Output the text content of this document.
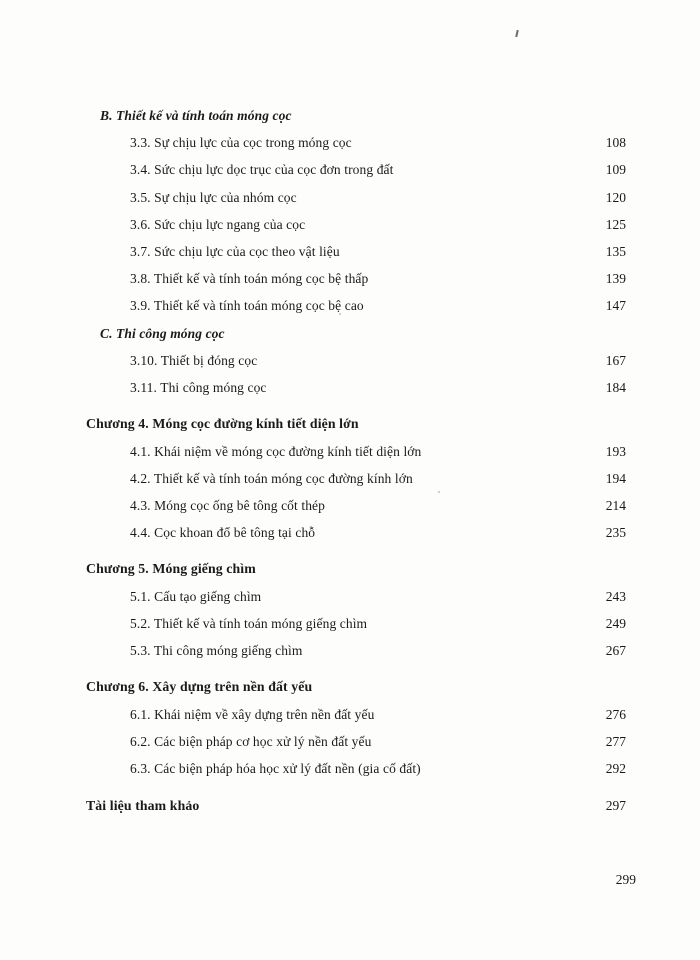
B. Thiết kế và tính toán móng cọc
3.3. Sự chịu lực của cọc trong móng cọc	108
3.4. Sức chịu lực dọc trục của cọc đơn trong đất	109
3.5. Sự chịu lực của nhóm cọc	120
3.6. Sức chịu lực ngang của cọc	125
3.7. Sức chịu lực của cọc theo vật liệu	135
3.8. Thiết kế và tính toán móng cọc bệ thấp	139
3.9. Thiết kế và tính toán móng cọc bệ cao	147
C. Thi công móng cọc
3.10. Thiết bị đóng cọc	167
3.11. Thi công móng cọc	184
Chương 4. Móng cọc đường kính tiết diện lớn
4.1. Khái niệm về móng cọc đường kính tiết diện lớn	193
4.2. Thiết kế và tính toán móng cọc đường kính lớn	194
4.3. Móng cọc ống bê tông cốt thép	214
4.4. Cọc khoan đổ bê tông tại chỗ	235
Chương 5. Móng giếng chìm
5.1. Cấu tạo giếng chìm	243
5.2. Thiết kế và tính toán móng giếng chìm	249
5.3. Thi công móng giếng chìm	267
Chương 6. Xây dựng trên nền đất yếu
6.1. Khái niệm về xây dựng trên nền đất yếu	276
6.2. Các biện pháp cơ học xử lý nền đất yếu	277
6.3. Các biện pháp hóa học xử lý đất nền (gia cố đất)	292
Tài liệu tham khảo	297
299
